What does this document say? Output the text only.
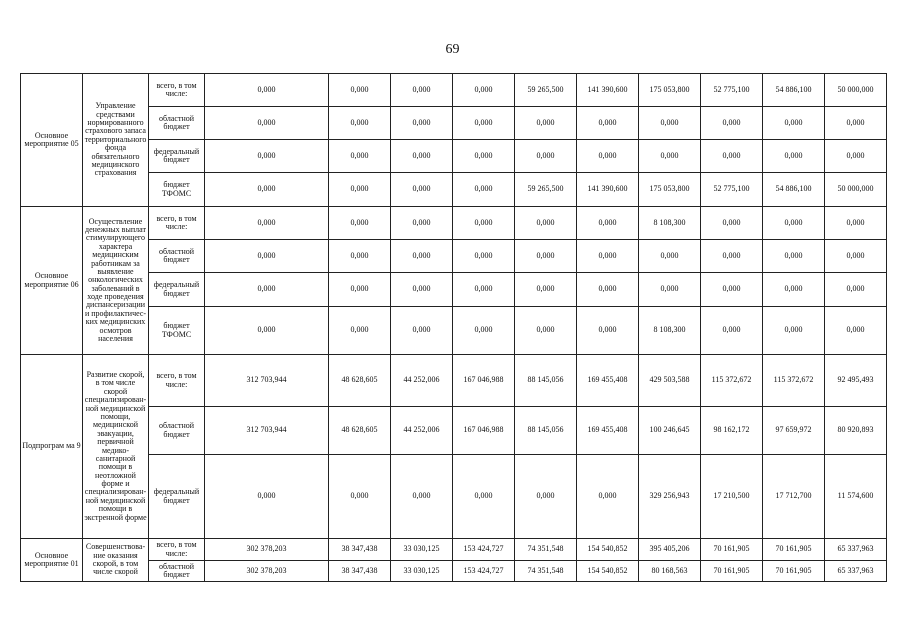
69
Основное мероприятие 05	Управление средствами нормированного страхового запаса территориального фонда обязательного медицинского страхования	всего, в том числе:	0,000	0,000	0,000	0,000	59 265,500	141 390,600	175 053,800	52 775,100	54 886,100	50 000,000	
		областной бюджет	0,000	0,000	0,000	0,000	0,000	0,000	0,000	0,000	0,000	0,000	
		федеральный бюджет	0,000	0,000	0,000	0,000	0,000	0,000	0,000	0,000	0,000	0,000	
		бюджет ТФОМС	0,000	0,000	0,000	0,000	59 265,500	141 390,600	175 053,800	52 775,100	54 886,100	50 000,000	
Основное мероприятие 06	Осуществление денежных выплат стимулирующего характера медицинским работникам за выявление онкологических заболеваний в ходе проведения диспансеризации и профилактичес-ких медицинских осмотров населения	всего, в том числе:	0,000	0,000	0,000	0,000	0,000	0,000	8 108,300	0,000	0,000	0,000	
		областной бюджет	0,000	0,000	0,000	0,000	0,000	0,000	0,000	0,000	0,000	0,000	
		федеральный бюджет	0,000	0,000	0,000	0,000	0,000	0,000	0,000	0,000	0,000	0,000	
		бюджет ТФОМС	0,000	0,000	0,000	0,000	0,000	0,000	8 108,300	0,000	0,000	0,000	
Подпрограм ма 9	Развитие скорой, в том числе скорой специализирован-ной медицинской помощи, медицинской эвакуации, первичной медико-санитарной помощи в неотложной форме и специализирован-ной медицинской помощи в экстренной форме	всего, в том числе:	312 703,944	48 628,605	44 252,006	167 046,988	88 145,056	169 455,408	429 503,588	115 372,672	115 372,672	92 495,493	
		областной бюджет	312 703,944	48 628,605	44 252,006	167 046,988	88 145,056	169 455,408	100 246,645	98 162,172	97 659,972	80 920,893	
		федеральный бюджет	0,000	0,000	0,000	0,000	0,000	0,000	329 256,943	17 210,500	17 712,700	11 574,600	
Основное мероприятие 01	Совершенствова-ние оказания скорой, в том числе скорой	всего, в том числе:	302 378,203	38 347,438	33 030,125	153 424,727	74 351,548	154 540,852	395 405,206	70 161,905	70 161,905	65 337,963	
		областной бюджет	302 378,203	38 347,438	33 030,125	153 424,727	74 351,548	154 540,852	80 168,563	70 161,905	70 161,905	65 337,963	
